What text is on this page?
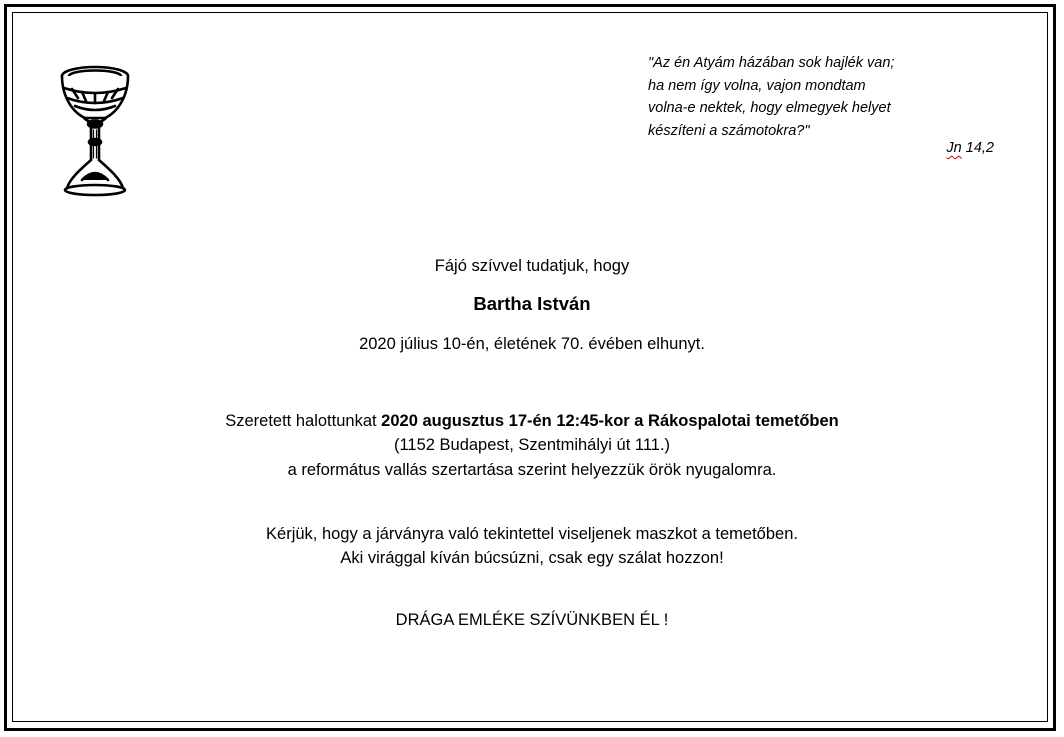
"Az én Atyám házában sok hajlék van;
ha nem így volna, vajon mondtam
volna-e nektek, hogy elmegyek helyet
készíteni a számotokra?"
Jn 14,2
Fájó szívvel tudatjuk, hogy
Bartha István
2020 július 10-én, életének 70. évében elhunyt.
Szeretett halottunkat 2020 augusztus 17-én 12:45-kor a Rákospalotai temetőben
(1152 Budapest, Szentmihályi út 111.)
a református vallás szertartása szerint helyezzük örök nyugalomra.
Kérjük, hogy a járványra való tekintettel viseljenek maszkot a temetőben.
Aki virággal kíván búcsúzni, csak egy szálat hozzon!
DRÁGA EMLÉKE SZÍVÜNKBEN ÉL !
